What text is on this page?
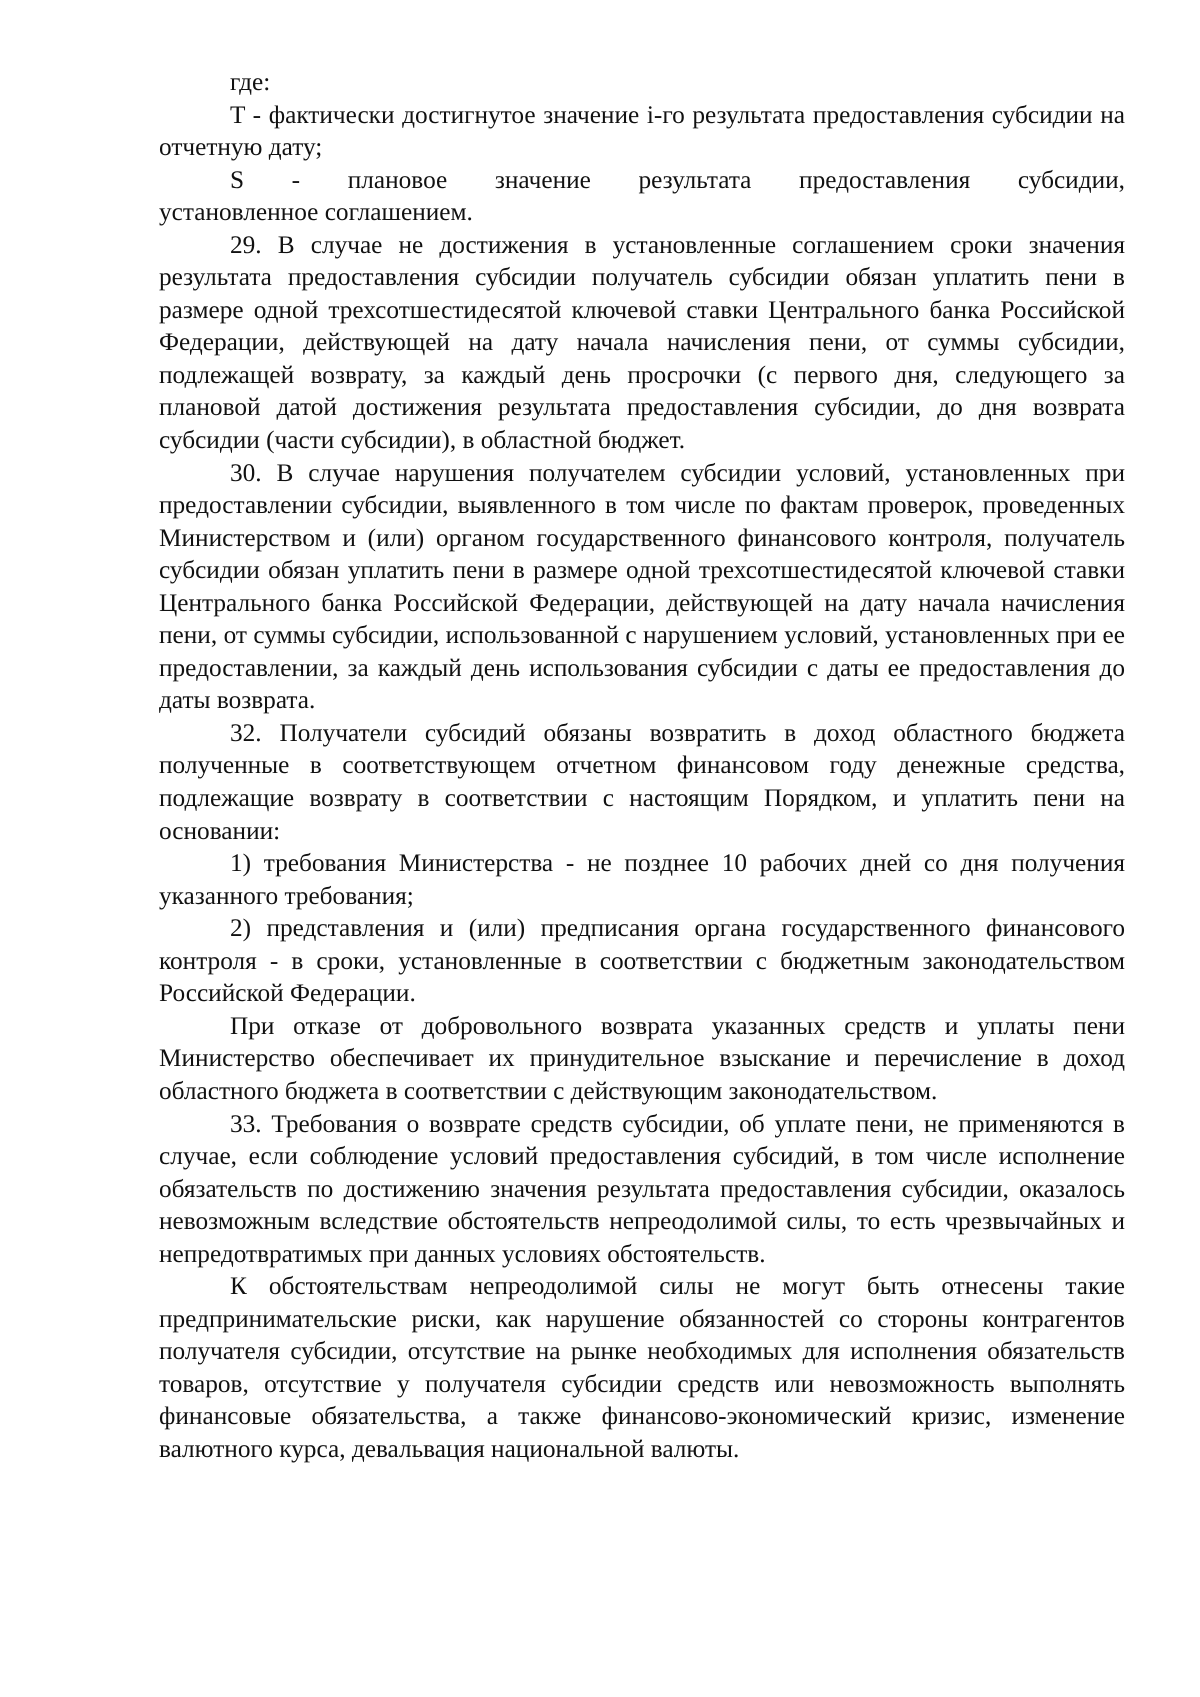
где:

T - фактически достигнутое значение i-го результата предоставления субсидии на отчетную дату;

S - плановое значение результата предоставления субсидии,

установленное соглашением.

29. В случае не достижения в установленные соглашением сроки значения результата предоставления субсидии получатель субсидии обязан уплатить пени в размере одной трехсотшестидесятой ключевой ставки Центрального банка Российской Федерации, действующей на дату начала начисления пени, от суммы субсидии, подлежащей возврату, за каждый день просрочки (с первого дня, следующего за плановой датой достижения результата предоставления субсидии, до дня возврата субсидии (части субсидии), в областной бюджет.

30. В случае нарушения получателем субсидии условий, установленных при предоставлении субсидии, выявленного в том числе по фактам проверок, проведенных Министерством и (или) органом государственного финансового контроля, получатель субсидии обязан уплатить пени в размере одной трехсотшестидесятой ключевой ставки Центрального банка Российской Федерации, действующей на дату начала начисления пени, от суммы субсидии, использованной с нарушением условий, установленных при ее предоставлении, за каждый день использования субсидии с даты ее предоставления до даты возврата.

32. Получатели субсидий обязаны возвратить в доход областного бюджета полученные в соответствующем отчетном финансовом году денежные средства, подлежащие возврату в соответствии с настоящим Порядком, и уплатить пени на основании:

1) требования Министерства - не позднее 10 рабочих дней со дня получения указанного требования;

2) представления и (или) предписания органа государственного финансового контроля - в сроки, установленные в соответствии с бюджетным законодательством Российской Федерации.

При отказе от добровольного возврата указанных средств и уплаты пени Министерство обеспечивает их принудительное взыскание и перечисление в доход областного бюджета в соответствии с действующим законодательством.

33. Требования о возврате средств субсидии, об уплате пени, не применяются в случае, если соблюдение условий предоставления субсидий, в том числе исполнение обязательств по достижению значения результата предоставления субсидии, оказалось невозможным вследствие обстоятельств непреодолимой силы, то есть чрезвычайных и непредотвратимых при данных условиях обстоятельств.

К обстоятельствам непреодолимой силы не могут быть отнесены такие предпринимательские риски, как нарушение обязанностей со стороны контрагентов получателя субсидии, отсутствие на рынке необходимых для исполнения обязательств товаров, отсутствие у получателя субсидии средств или невозможность выполнять финансовые обязательства, а также финансово-экономический кризис, изменение валютного курса, девальвация национальной валюты.
